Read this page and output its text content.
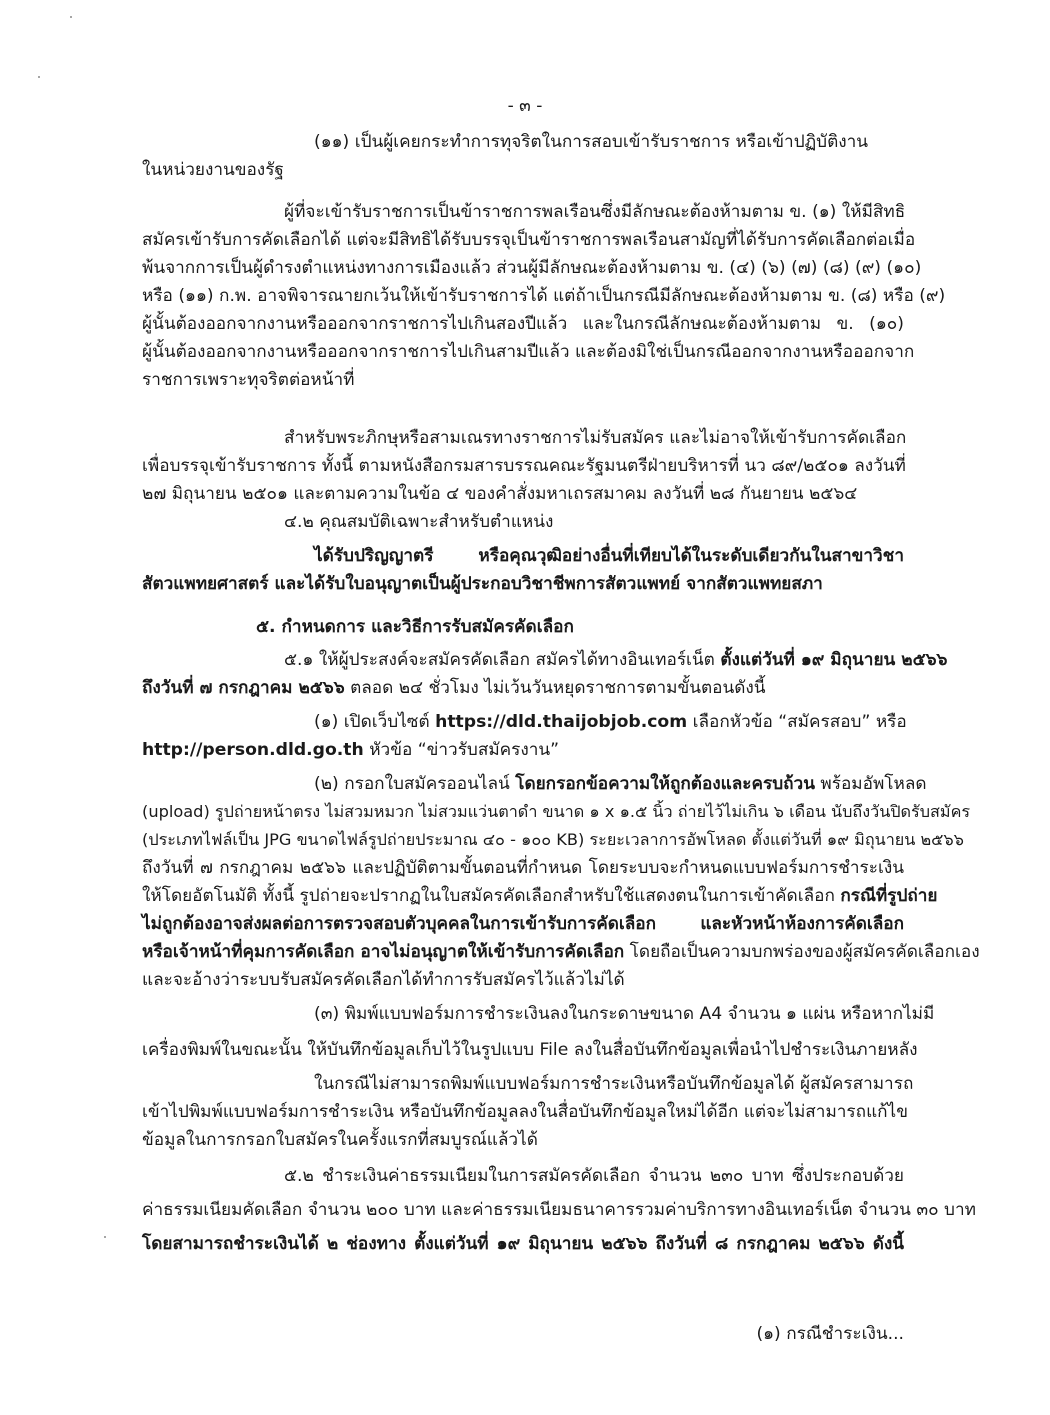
- ๓ -
(๑๑) เป็นผู้เคยกระทำการทุจริตในการสอบเข้ารับราชการ หรือเข้าปฏิบัติงาน
ในหน่วยงานของรัฐ
ผู้ที่จะเข้ารับราชการเป็นข้าราชการพลเรือนซึ่งมีลักษณะต้องห้ามตาม ข. (๑) ให้มีสิทธิ
สมัครเข้ารับการคัดเลือกได้ แต่จะมีสิทธิได้รับบรรจุเป็นข้าราชการพลเรือนสามัญที่ได้รับการคัดเลือกต่อเมื่อ
พ้นจากการเป็นผู้ดำรงตำแหน่งทางการเมืองแล้ว ส่วนผู้มีลักษณะต้องห้ามตาม ข. (๔) (๖) (๗) (๘) (๙) (๑๐)
หรือ (๑๑) ก.พ. อาจพิจารณายกเว้นให้เข้ารับราชการได้ แต่ถ้าเป็นกรณีมีลักษณะต้องห้ามตาม ข. (๘) หรือ (๙)
ผู้นั้นต้องออกจากงานหรือออกจากราชการไปเกินสองปีแล้ว และในกรณีลักษณะต้องห้ามตาม ข. (๑๐)
ผู้นั้นต้องออกจากงานหรือออกจากราชการไปเกินสามปีแล้ว และต้องมิใช่เป็นกรณีออกจากงานหรือออกจาก
ราชการเพราะทุจริตต่อหน้าที่
สำหรับพระภิกษุหรือสามเณรทางราชการไม่รับสมัคร และไม่อาจให้เข้ารับการคัดเลือก
เพื่อบรรจุเข้ารับราชการ ทั้งนี้ ตามหนังสือกรมสารบรรณคณะรัฐมนตรีฝ่ายบริหารที่ นว ๘๙/๒๕๐๑ ลงวันที่
๒๗ มิถุนายน ๒๕๐๑ และตามความในข้อ ๔ ของคำสั่งมหาเถรสมาคม ลงวันที่ ๒๘ กันยายน ๒๕๖๔
๔.๒ คุณสมบัติเฉพาะสำหรับตำแหน่ง
ได้รับปริญญาตรี หรือคุณวุฒิอย่างอื่นที่เทียบได้ในระดับเดียวกันในสาขาวิชา
สัตวแพทยศาสตร์ และได้รับใบอนุญาตเป็นผู้ประกอบวิชาชีพการสัตวแพทย์ จากสัตวแพทยสภา
๕. กำหนดการ และวิธีการรับสมัครคัดเลือก
๕.๑ ให้ผู้ประสงค์จะสมัครคัดเลือก สมัครได้ทางอินเทอร์เน็ต ตั้งแต่วันที่ ๑๙ มิถุนายน ๒๕๖๖
ถึงวันที่ ๗ กรกฎาคม ๒๕๖๖ ตลอด ๒๔ ชั่วโมง ไม่เว้นวันหยุดราชการตามขั้นตอนดังนี้
(๑) เปิดเว็บไซต์ https://dld.thaijobjob.com เลือกหัวข้อ “สมัครสอบ” หรือ
http://person.dld.go.th หัวข้อ “ข่าวรับสมัครงาน”
(๒) กรอกใบสมัครออนไลน์ โดยกรอกข้อความให้ถูกต้องและครบถ้วน พร้อมอัพโหลด
(upload) รูปถ่ายหน้าตรง ไม่สวมหมวก ไม่สวมแว่นตาดำ ขนาด ๑ x ๑.๕ นิ้ว ถ่ายไว้ไม่เกิน ๖ เดือน นับถึงวันปิดรับสมัคร
(ประเภทไฟล์เป็น JPG ขนาดไฟล์รูปถ่ายประมาณ ๔๐ - ๑๐๐ KB) ระยะเวลาการอัพโหลด ตั้งแต่วันที่ ๑๙ มิถุนายน ๒๕๖๖
ถึงวันที่ ๗ กรกฎาคม ๒๕๖๖ และปฏิบัติตามขั้นตอนที่กำหนด โดยระบบจะกำหนดแบบฟอร์มการชำระเงิน
ให้โดยอัตโนมัติ ทั้งนี้ รูปถ่ายจะปรากฏในใบสมัครคัดเลือกสำหรับใช้แสดงตนในการเข้าคัดเลือก กรณีที่รูปถ่าย
ไม่ถูกต้องอาจส่งผลต่อการตรวจสอบตัวบุคคลในการเข้ารับการคัดเลือก และหัวหน้าห้องการคัดเลือก
หรือเจ้าหน้าที่คุมการคัดเลือก อาจไม่อนุญาตให้เข้ารับการคัดเลือก โดยถือเป็นความบกพร่องของผู้สมัครคัดเลือกเอง
และจะอ้างว่าระบบรับสมัครคัดเลือกได้ทำการรับสมัครไว้แล้วไม่ได้
(๓) พิมพ์แบบฟอร์มการชำระเงินลงในกระดาษขนาด A4 จำนวน ๑ แผ่น หรือหากไม่มี
เครื่องพิมพ์ในขณะนั้น ให้บันทึกข้อมูลเก็บไว้ในรูปแบบ File ลงในสื่อบันทึกข้อมูลเพื่อนำไปชำระเงินภายหลัง
ในกรณีไม่สามารถพิมพ์แบบฟอร์มการชำระเงินหรือบันทึกข้อมูลได้ ผู้สมัครสามารถ
เข้าไปพิมพ์แบบฟอร์มการชำระเงิน หรือบันทึกข้อมูลลงในสื่อบันทึกข้อมูลใหม่ได้อีก แต่จะไม่สามารถแก้ไข
ข้อมูลในการกรอกใบสมัครในครั้งแรกที่สมบูรณ์แล้วได้
๕.๒ ชำระเงินค่าธรรมเนียมในการสมัครคัดเลือก จำนวน ๒๓๐ บาท ซึ่งประกอบด้วย
ค่าธรรมเนียมคัดเลือก จำนวน ๒๐๐ บาท และค่าธรรมเนียมธนาคารรวมค่าบริการทางอินเทอร์เน็ต จำนวน ๓๐ บาท
โดยสามารถชำระเงินได้ ๒ ช่องทาง ตั้งแต่วันที่ ๑๙ มิถุนายน ๒๕๖๖ ถึงวันที่ ๘ กรกฎาคม ๒๕๖๖ ดังนี้
(๑) กรณีชำระเงิน...
